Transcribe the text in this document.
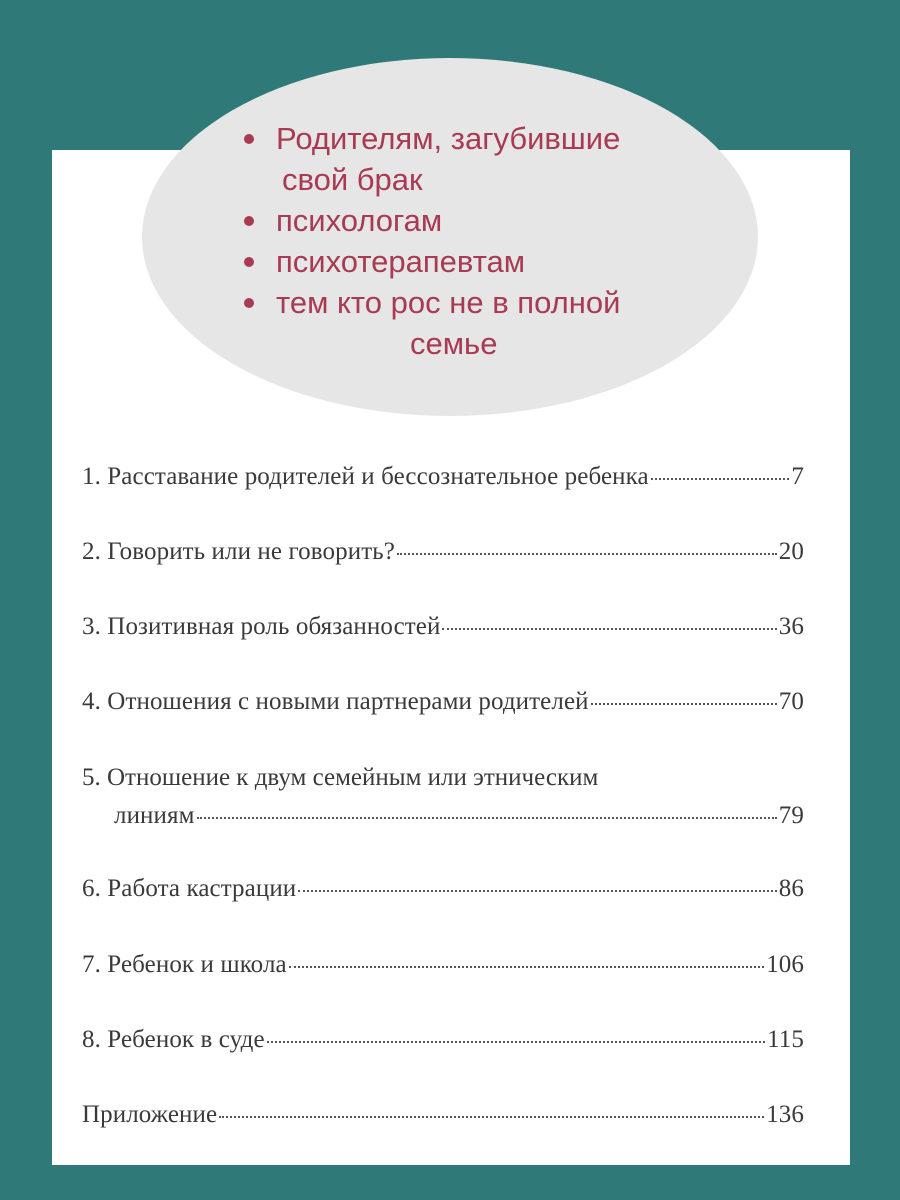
Родителям, загубившие
свой брак
психологам
психотерапевтам
тем кто рос не в полной
семье
1. Расставание родителей и бессознательное ребенка	7
2. Говорить или не говорить?	20
3. Позитивная роль обязанностей	36
4. Отношения с новыми партнерами родителей	70
5. Отношение к двум семейным или этническим
линиям	79
6. Работа кастрации	86
7. Ребенок и школа	106
8. Ребенок в суде	115
Приложение	136
